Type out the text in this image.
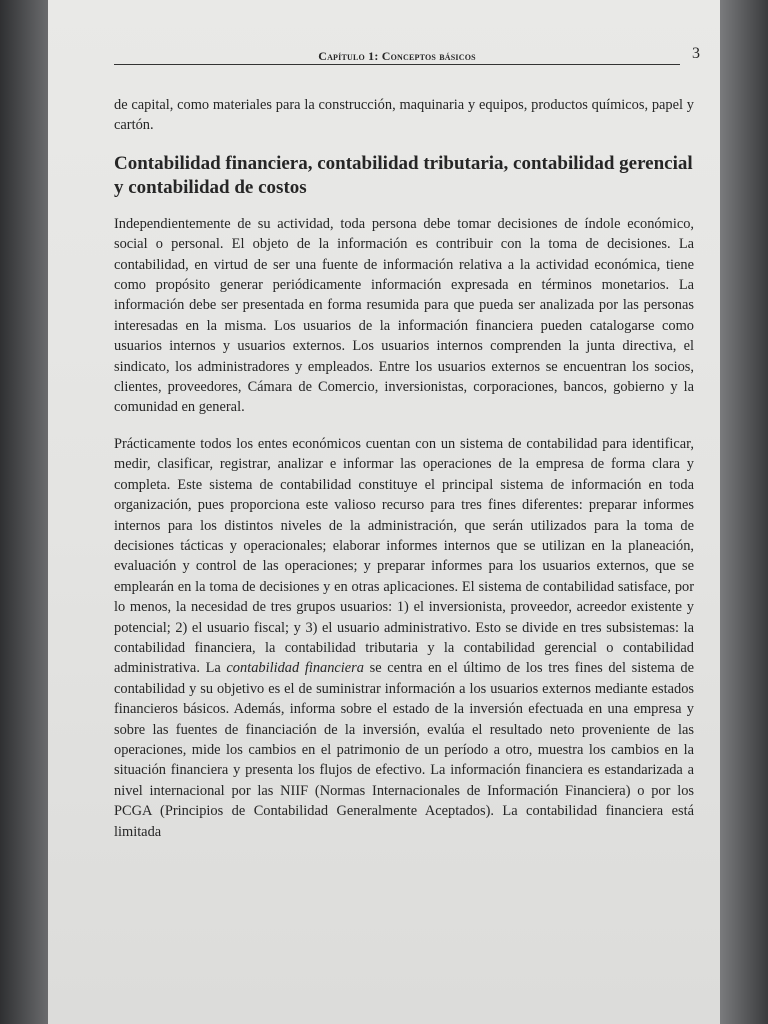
Capítulo 1: Conceptos básicos	3

de capital, como materiales para la construcción, maquinaria y equipos, productos químicos, papel y cartón.

Contabilidad financiera, contabilidad tributaria, contabilidad gerencial y contabilidad de costos

Independientemente de su actividad, toda persona debe tomar decisiones de índole económico, social o personal. El objeto de la información es contribuir con la toma de decisiones. La contabilidad, en virtud de ser una fuente de información relativa a la actividad económica, tiene como propósito generar periódicamente información expresada en términos monetarios. La información debe ser presentada en forma resumida para que pueda ser analizada por las personas interesadas en la misma. Los usuarios de la información financiera pueden catalogarse como usuarios internos y usuarios externos. Los usuarios internos comprenden la junta directiva, el sindicato, los administradores y empleados. Entre los usuarios externos se encuentran los socios, clientes, proveedores, Cámara de Comercio, inversionistas, corporaciones, bancos, gobierno y la comunidad en general.

Prácticamente todos los entes económicos cuentan con un sistema de contabilidad para identificar, medir, clasificar, registrar, analizar e informar las operaciones de la empresa de forma clara y completa. Este sistema de contabilidad constituye el principal sistema de información en toda organización, pues proporciona este valioso recurso para tres fines diferentes: preparar informes internos para los distintos niveles de la administración, que serán utilizados para la toma de decisiones tácticas y operacionales; elaborar informes internos que se utilizan en la planeación, evaluación y control de las operaciones; y preparar informes para los usuarios externos, que se emplearán en la toma de decisiones y en otras aplicaciones. El sistema de contabilidad satisface, por lo menos, la necesidad de tres grupos usuarios: 1) el inversionista, proveedor, acreedor existente y potencial; 2) el usuario fiscal; y 3) el usuario administrativo. Esto se divide en tres subsistemas: la contabilidad financiera, la contabilidad tributaria y la contabilidad gerencial o contabilidad administrativa. La contabilidad financiera se centra en el último de los tres fines del sistema de contabilidad y su objetivo es el de suministrar información a los usuarios externos mediante estados financieros básicos. Además, informa sobre el estado de la inversión efectuada en una empresa y sobre las fuentes de financiación de la inversión, evalúa el resultado neto proveniente de las operaciones, mide los cambios en el patrimonio de un período a otro, muestra los cambios en la situación financiera y presenta los flujos de efectivo. La información financiera es estandarizada a nivel internacional por las NIIF (Normas Internacionales de Información Financiera) o por los PCGA (Principios de Contabilidad Generalmente Aceptados). La contabilidad financiera está limitada
